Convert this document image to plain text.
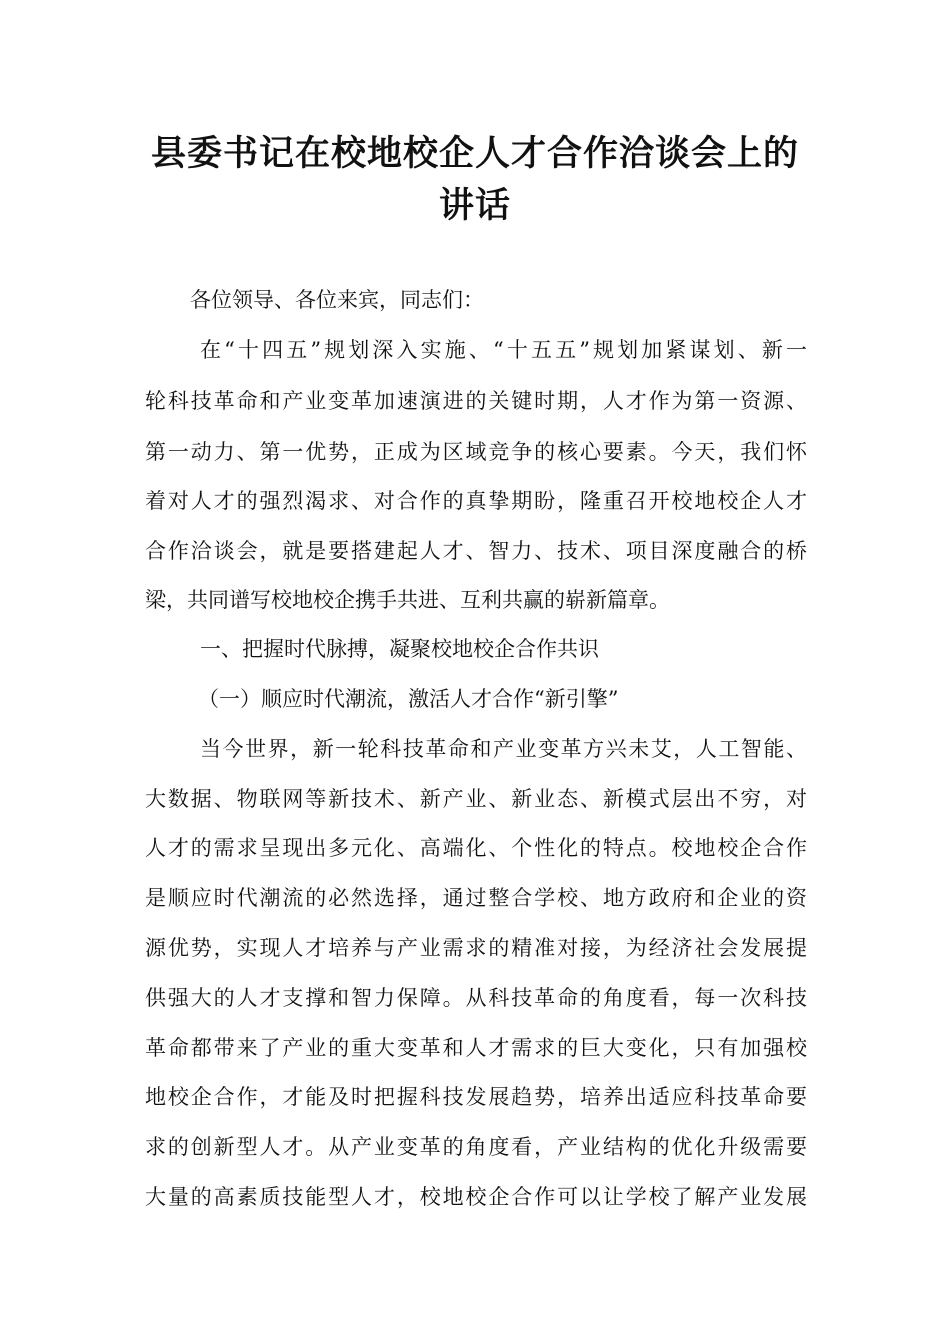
县委书记在校地校企人才合作洽谈会上的
讲话
各位领导、各位来宾，同志们：
在“十四五”规划深入实施、“十五五”规划加紧谋划、新一
轮科技革命和产业变革加速演进的关键时期，人才作为第一资源、
第一动力、第一优势，正成为区域竞争的核心要素。今天，我们怀
着对人才的强烈渴求、对合作的真挚期盼，隆重召开校地校企人才
合作洽谈会，就是要搭建起人才、智力、技术、项目深度融合的桥
梁，共同谱写校地校企携手共进、互利共赢的崭新篇章。
一、把握时代脉搏，凝聚校地校企合作共识
（一）顺应时代潮流，激活人才合作“新引擎”
当今世界，新一轮科技革命和产业变革方兴未艾，人工智能、
大数据、物联网等新技术、新产业、新业态、新模式层出不穷，对
人才的需求呈现出多元化、高端化、个性化的特点。校地校企合作
是顺应时代潮流的必然选择，通过整合学校、地方政府和企业的资
源优势，实现人才培养与产业需求的精准对接，为经济社会发展提
供强大的人才支撑和智力保障。从科技革命的角度看，每一次科技
革命都带来了产业的重大变革和人才需求的巨大变化，只有加强校
地校企合作，才能及时把握科技发展趋势，培养出适应科技革命要
求的创新型人才。从产业变革的角度看，产业结构的优化升级需要
大量的高素质技能型人才，校地校企合作可以让学校了解产业发展
